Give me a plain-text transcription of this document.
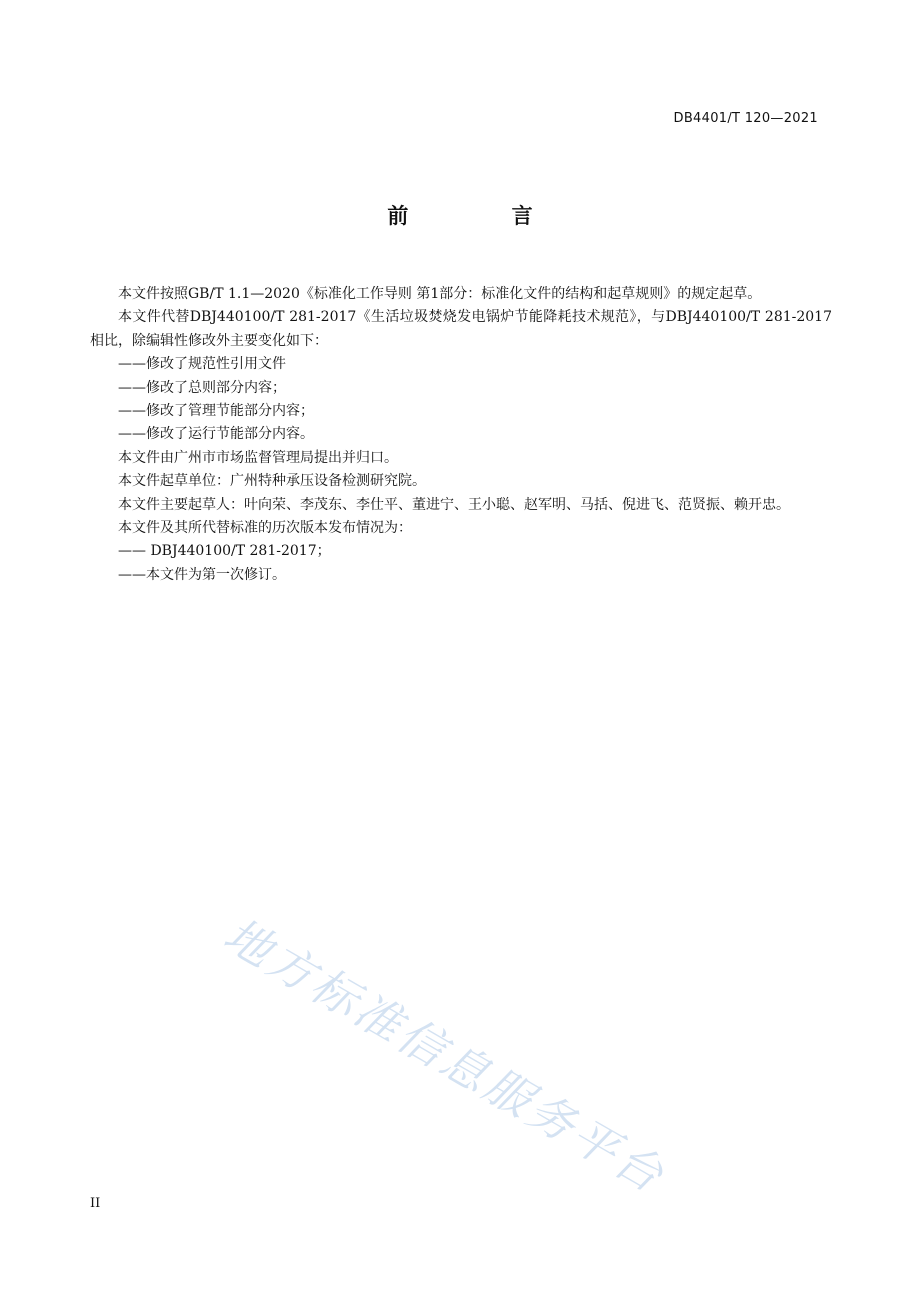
DB4401/T 120—2021
前 言

本文件按照GB/T 1.1—2020《标准化工作导则 第1部分：标准化文件的结构和起草规则》的规定起草。

本文件代替DBJ440100/T 281-2017《生活垃圾焚烧发电锅炉节能降耗技术规范》，与DBJ440100/T 281-2017相比，除编辑性修改外主要变化如下：

——修改了规范性引用文件

——修改了总则部分内容；

——修改了管理节能部分内容；

——修改了运行节能部分内容。

本文件由广州市市场监督管理局提出并归口。

本文件起草单位：广州特种承压设备检测研究院。

本文件主要起草人：叶向荣、李茂东、李仕平、董进宁、王小聪、赵军明、马括、倪进飞、范贤振、赖开忠。

本文件及其所代替标准的历次版本发布情况为：

—— DBJ440100/T 281-2017；

——本文件为第一次修订。

地方标准信息服务平台
II
